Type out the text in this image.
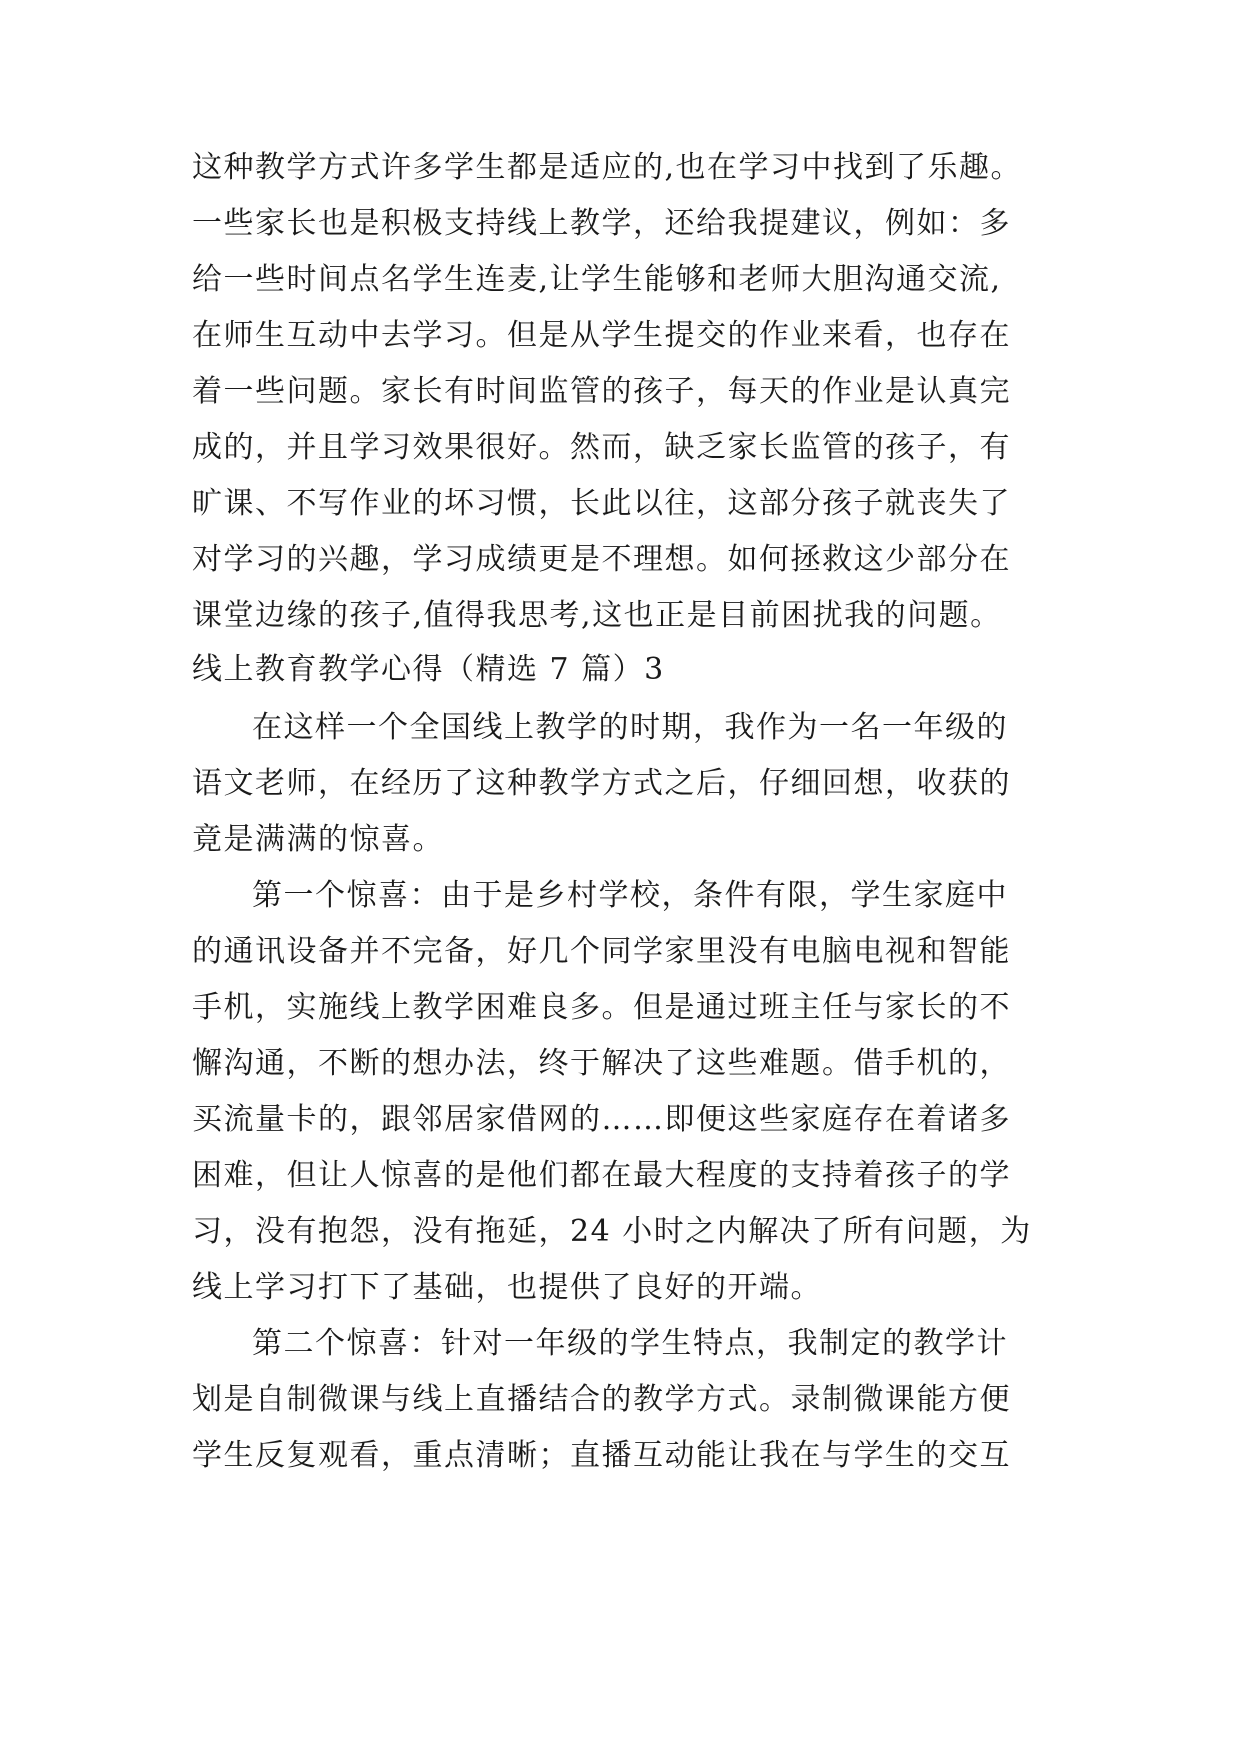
这种教学方式许多学生都是适应的,也在学习中找到了乐趣。
一些家长也是积极支持线上教学，还给我提建议，例如：多
给一些时间点名学生连麦,让学生能够和老师大胆沟通交流,
在师生互动中去学习。但是从学生提交的作业来看，也存在
着一些问题。家长有时间监管的孩子，每天的作业是认真完
成的，并且学习效果很好。然而，缺乏家长监管的孩子，有
旷课、不写作业的坏习惯，长此以往，这部分孩子就丧失了
对学习的兴趣，学习成绩更是不理想。如何拯救这少部分在
课堂边缘的孩子,值得我思考,这也正是目前困扰我的问题。
线上教育教学心得（精选 7 篇）3
在这样一个全国线上教学的时期，我作为一名一年级的
语文老师，在经历了这种教学方式之后，仔细回想，收获的
竟是满满的惊喜。
第一个惊喜：由于是乡村学校，条件有限，学生家庭中
的通讯设备并不完备，好几个同学家里没有电脑电视和智能
手机，实施线上教学困难良多。但是通过班主任与家长的不
懈沟通，不断的想办法，终于解决了这些难题。借手机的，
买流量卡的，跟邻居家借网的……即便这些家庭存在着诸多
困难，但让人惊喜的是他们都在最大程度的支持着孩子的学
习，没有抱怨，没有拖延，24 小时之内解决了所有问题，为
线上学习打下了基础，也提供了良好的开端。
第二个惊喜：针对一年级的学生特点，我制定的教学计
划是自制微课与线上直播结合的教学方式。录制微课能方便
学生反复观看，重点清晰；直播互动能让我在与学生的交互
